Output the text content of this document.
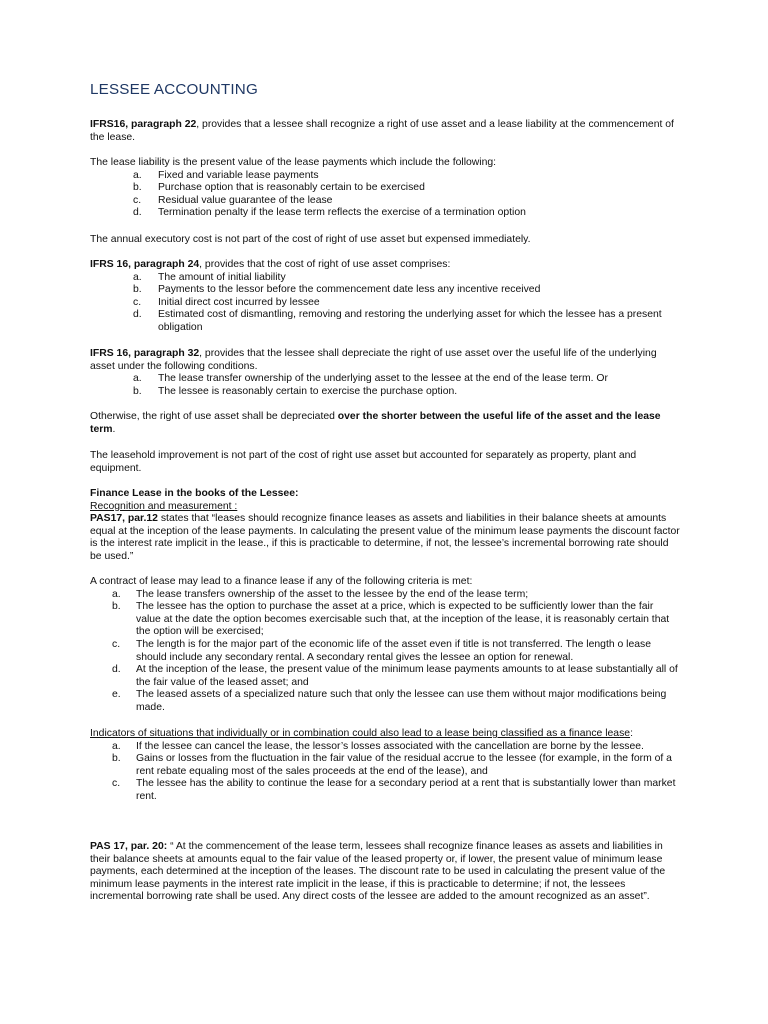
LESSEE ACCOUNTING

IFRS16, paragraph 22, provides that a lessee shall recognize a right of use asset and a lease liability at the commencement of the lease.

The lease liability is the present value of the lease payments which include the following:

a.	Fixed and variable lease payments
b.	Purchase option that is reasonably certain to be exercised
c.	Residual value guarantee of the lease
d.	Termination penalty if the lease term reflects the exercise of a termination option

The annual executory cost is not part of the cost of right of use asset but expensed immediately.

IFRS 16, paragraph 24, provides that the cost of right of use asset comprises:

a.	The amount of initial liability
b.	Payments to the lessor before the commencement date less any incentive received
c.	Initial direct cost incurred by lessee
d.	Estimated cost of dismantling, removing and restoring the underlying asset for which the lessee has a present obligation

IFRS 16, paragraph 32, provides that the lessee shall depreciate the right of use asset over the useful life of the underlying asset under the following conditions.

a.	The lease transfer ownership of the underlying asset to the lessee at the end of the lease term. Or
b.	The lessee is reasonably certain to exercise the purchase option.

Otherwise, the right of use asset shall be depreciated over the shorter between the useful life of the asset and the lease term.

The leasehold improvement is not part of the cost of right use asset but accounted for separately as property, plant and equipment.

Finance Lease in the books of the Lessee:

Recognition and measurement :

PAS17, par.12 states that “leases should recognize finance leases as assets and liabilities in their balance sheets at amounts equal at the inception of the lease payments. In calculating the present value of the minimum lease payments the discount factor is the interest rate implicit in the lease., if this is practicable to determine, if not, the lessee’s incremental borrowing rate should be used.”

A contract of lease may lead to a finance lease if any of the following criteria is met:

a.	The lease transfers ownership of the asset to the lessee by the end of the lease term;
b.	The lessee has the option to purchase the asset at a price, which is expected to be sufficiently lower than the fair value at the date the option becomes exercisable such that, at the inception of the lease, it is reasonably certain that the option will be exercised;
c.	The length is for the major part of the economic life of the asset even if title is not transferred. The length o lease should include any secondary rental. A secondary rental gives the lessee an option for renewal.
d.	At the inception of the lease, the present value of the minimum lease payments amounts to at lease substantially all of the fair value of the leased asset; and
e.	The leased assets of a specialized nature such that only the lessee can use them without major modifications being made.

Indicators of situations that individually or in combination could also lead to a lease being classified as a finance lease:

a.	If the lessee can cancel the lease, the lessor’s losses associated with the cancellation are borne by the lessee.
b.	Gains or losses from the fluctuation in the fair value of the residual accrue to the lessee (for example, in the form of a rent rebate equaling most of the sales proceeds at the end of the lease), and
c.	The lessee has the ability to continue the lease for a secondary period at a rent that is substantially lower than market rent.

PAS 17, par. 20: “ At the commencement of the lease term, lessees shall recognize finance leases as assets and liabilities in their balance sheets at amounts equal to the fair value of the leased property or, if lower, the present value of minimum lease payments, each determined at the inception of the leases. The discount rate to be used in calculating the present value of the minimum lease payments in the interest rate implicit in the lease, if this is practicable to determine; if not, the lessees incremental borrowing rate shall be used. Any direct costs of the lessee are added to the amount recognized as an asset”.
